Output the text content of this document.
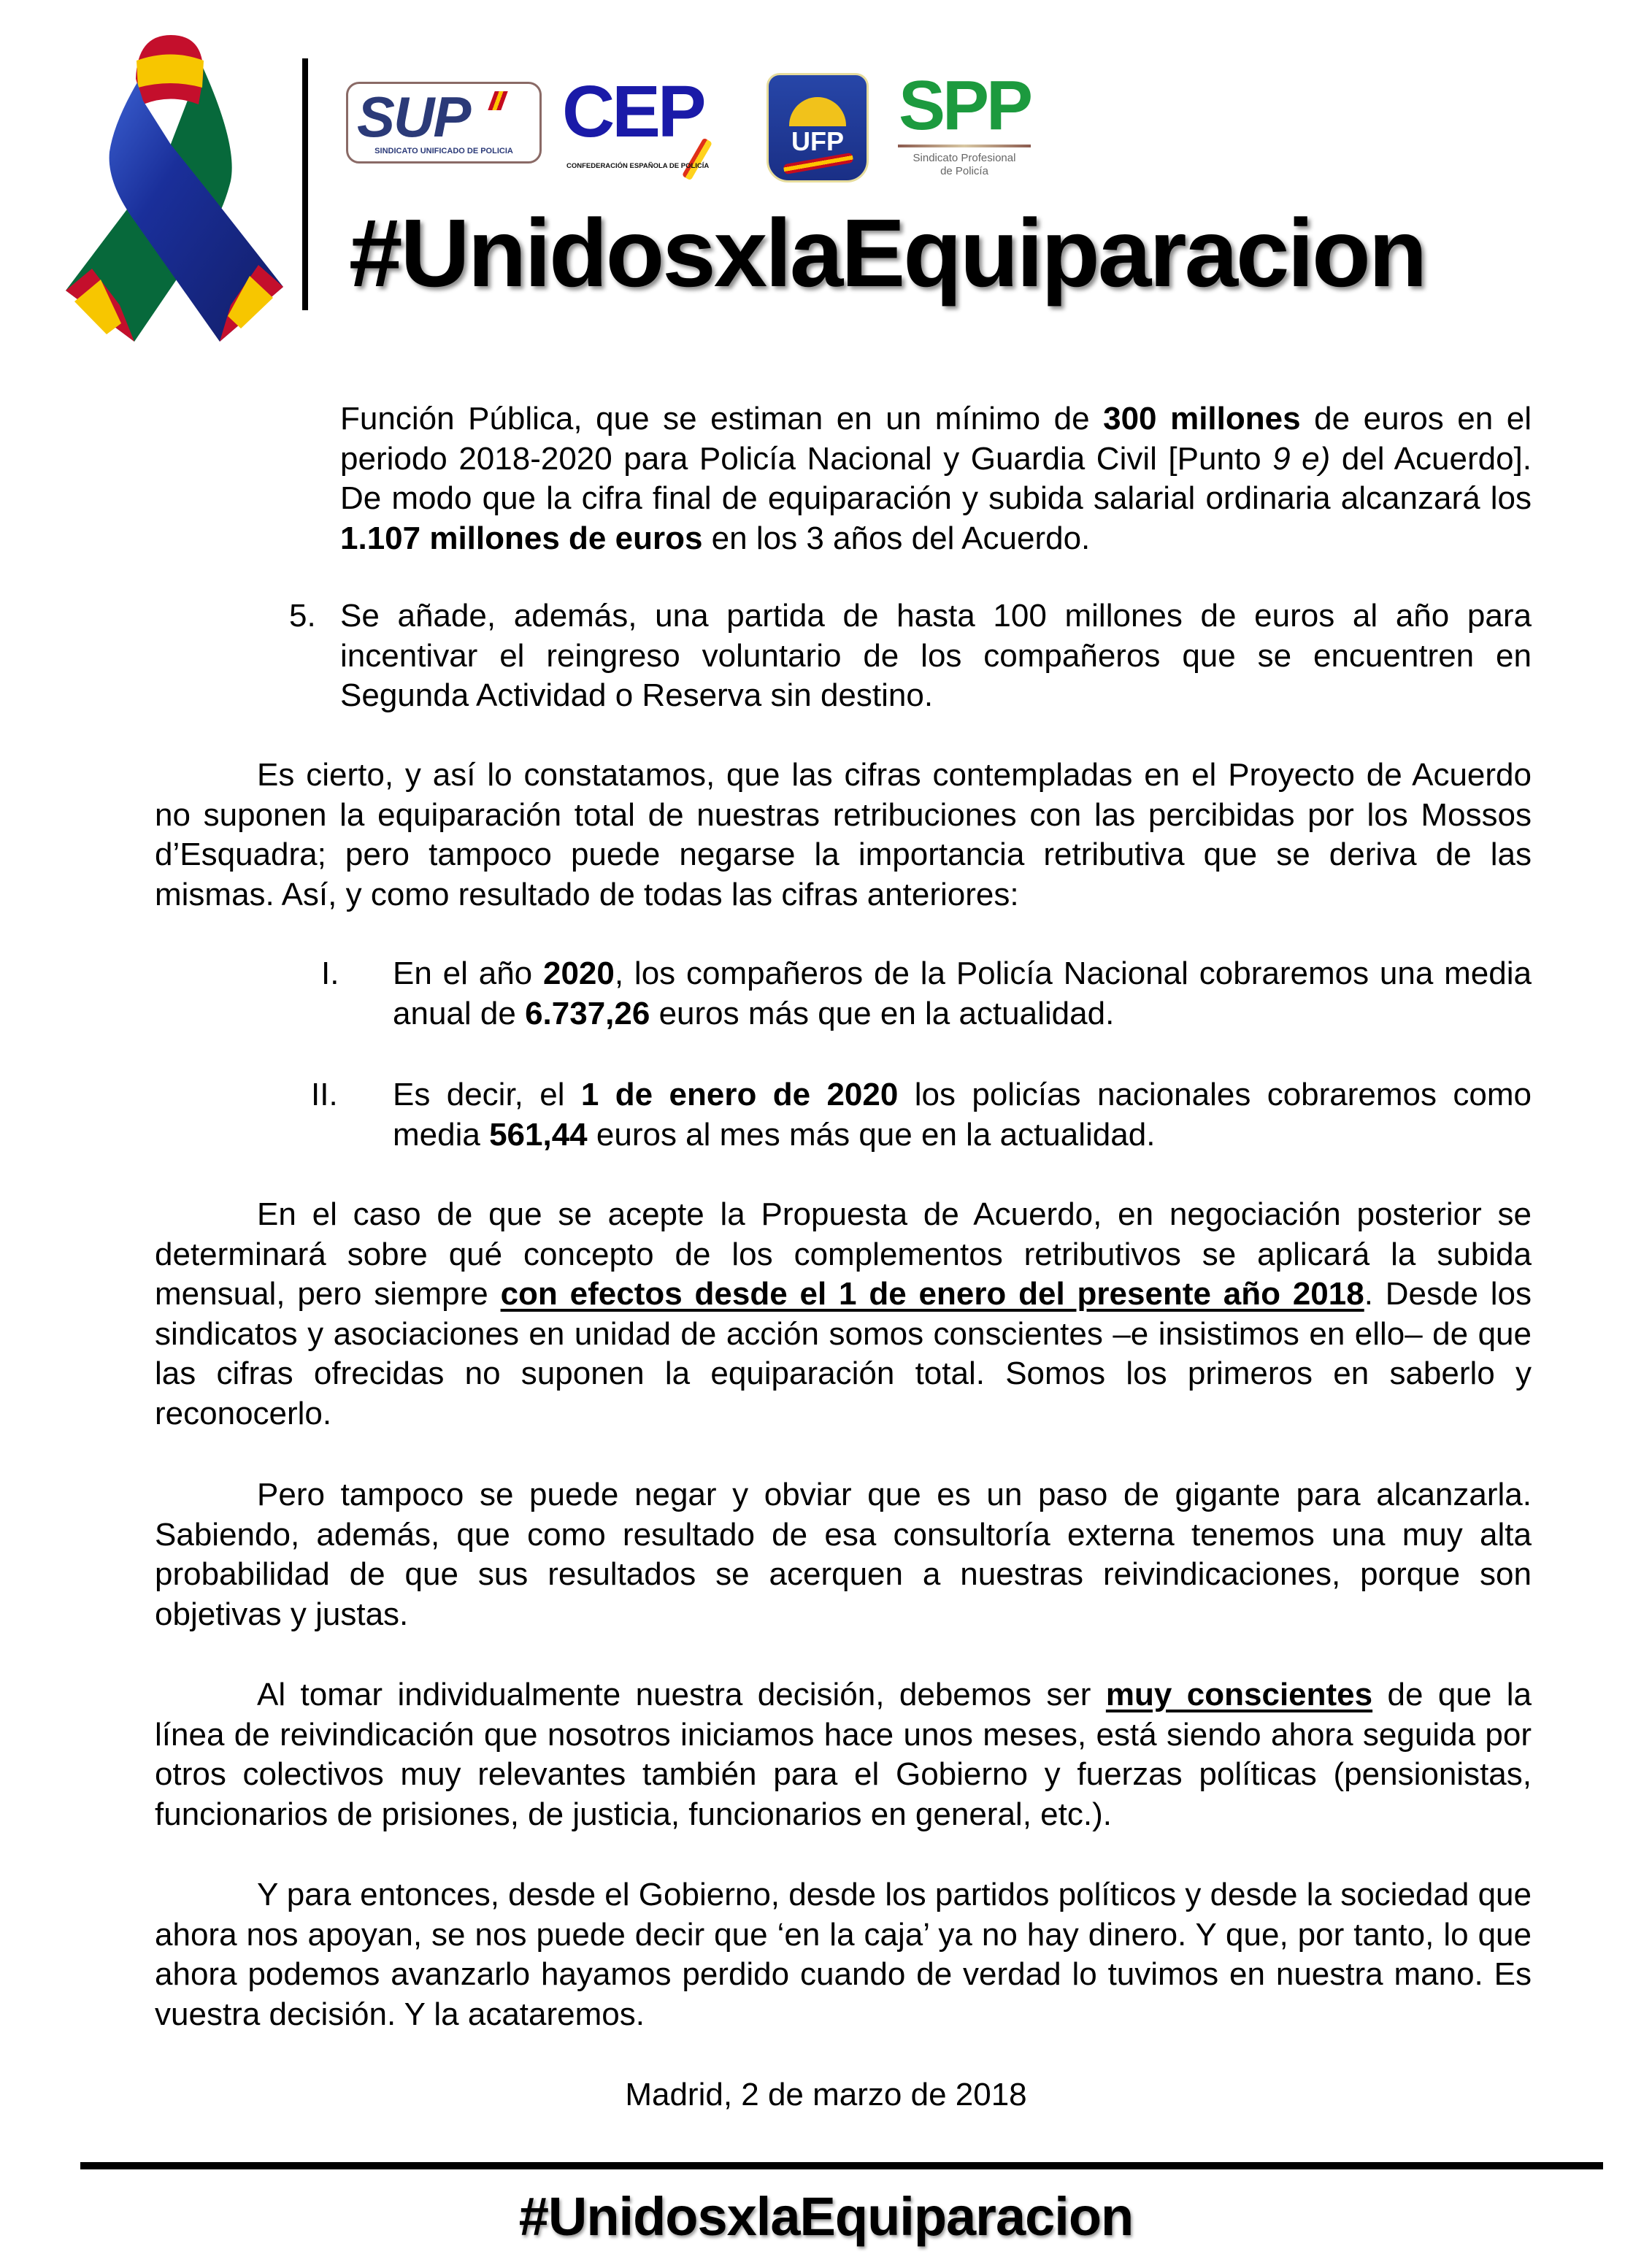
SUP
SINDICATO UNIFICADO DE POLICIA CEP
CONFEDERACIÓN ESPAÑOLA DE POLICÍA
UFP SPP
Sindicato Profesional
de Policía
#UnidosxlaEquiparacion
Función Pública, que se estiman en un mínimo de 300 millones de euros en el periodo 2018-2020 para Policía Nacional y Guardia Civil [Punto 9 e) del Acuerdo]. De modo que la cifra final de equiparación y subida salarial ordinaria alcanzará los 1.107 millones de euros en los 3 años del Acuerdo.
5. Se añade, además, una partida de hasta 100 millones de euros al año para incentivar el reingreso voluntario de los compañeros que se encuentren en Segunda Actividad o Reserva sin destino.
Es cierto, y así lo constatamos, que las cifras contempladas en el Proyecto de Acuerdo no suponen la equiparación total de nuestras retribuciones con las percibidas por los Mossos d’Esquadra; pero tampoco puede negarse la importancia retributiva que se deriva de las mismas. Así, y como resultado de todas las cifras anteriores:
I. En el año 2020, los compañeros de la Policía Nacional cobraremos una media anual de 6.737,26 euros más que en la actualidad.
II. Es decir, el 1 de enero de 2020 los policías nacionales cobraremos como media 561,44 euros al mes más que en la actualidad.
En el caso de que se acepte la Propuesta de Acuerdo, en negociación posterior se determinará sobre qué concepto de los complementos retributivos se aplicará la subida mensual, pero siempre con efectos desde el 1 de enero del presente año 2018. Desde los sindicatos y asociaciones en unidad de acción somos conscientes –e insistimos en ello– de que las cifras ofrecidas no suponen la equiparación total. Somos los primeros en saberlo y reconocerlo.
Pero tampoco se puede negar y obviar que es un paso de gigante para alcanzarla. Sabiendo, además, que como resultado de esa consultoría externa tenemos una muy alta probabilidad de que sus resultados se acerquen a nuestras reivindicaciones, porque son objetivas y justas.
Al tomar individualmente nuestra decisión, debemos ser muy conscientes de que la línea de reivindicación que nosotros iniciamos hace unos meses, está siendo ahora seguida por otros colectivos muy relevantes también para el Gobierno y fuerzas políticas (pensionistas, funcionarios de prisiones, de justicia, funcionarios en general, etc.).
Y para entonces, desde el Gobierno, desde los partidos políticos y desde la sociedad que ahora nos apoyan, se nos puede decir que ‘en la caja’ ya no hay dinero. Y que, por tanto, lo que ahora podemos avanzarlo hayamos perdido cuando de verdad lo tuvimos en nuestra mano. Es vuestra decisión. Y la acataremos.
Madrid, 2 de marzo de 2018
#UnidosxlaEquiparacion
